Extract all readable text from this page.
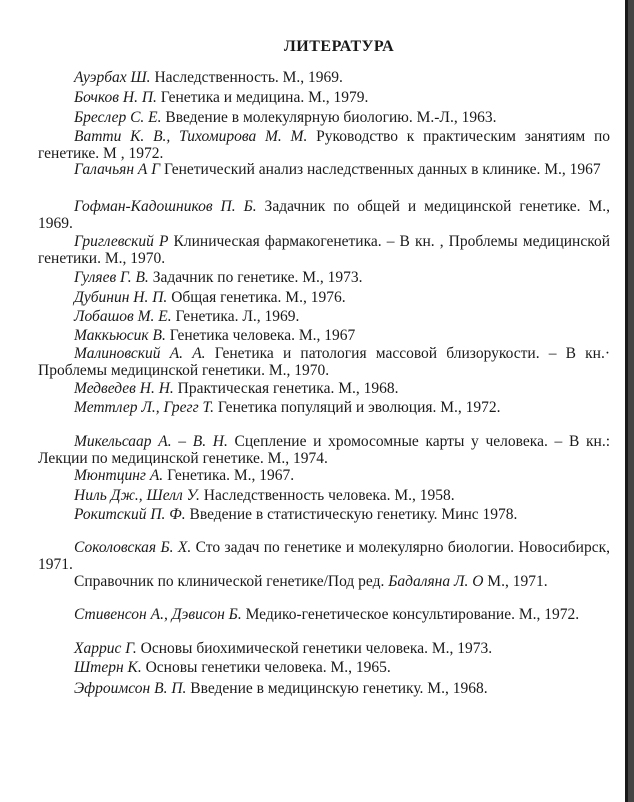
ЛИТЕРАТУРА
Ауэрбах Ш. Наследственность. М., 1969.
Бочков Н. П. Генетика и медицина. М., 1979.
Бреслер С. Е. Введение в молекулярную биологию. М.-Л., 1963.
Ватти К. В., Тихомирова М. М. Руководство к практическим занятиям по генетике. М , 1972.
Галачьян А Г Генетический анализ наследственных данных в клинике. М., 1967
Гофман-Кадошников П. Б. Задачник по общей и медицинской генетике. М., 1969.
Григлевский Р Клиническая фармакогенетика. – В кн. , Проблемы медицинской генетики. М., 1970.
Гуляев Г. В. Задачник по генетике. М., 1973.
Дубинин Н. П. Общая генетика. М., 1976.
Лобашов М. Е. Генетика. Л., 1969.
Маккьюсик В. Генетика человека. М., 1967
Малиновский А. А. Генетика и патология массовой близорукости. – В кн.· Проблемы медицинской генетики. М., 1970.
Медведев Н. Н. Практическая генетика. М., 1968.
Меттлер Л., Грегг Т. Генетика популяций и эволюция. М., 1972.
Микельсаар А. – В. Н. Сцепление и хромосомные карты у человека. – В кн.: Лекции по медицинской генетике. М., 1974.
Мюнтцинг А. Генетика. М., 1967.
Ниль Дж., Шелл У. Наследственность человека. М., 1958.
Рокитский П. Ф. Введение в статистическую генетику. Минс 1978.
Соколовская Б. Х. Сто задач по генетике и молекулярно биологии. Новосибирск, 1971.
Справочник по клинической генетике/Под ред. Бадаляна Л. О М., 1971.
Стивенсон А., Дэвисон Б. Медико-генетическое консультирование. М., 1972.
Харрис Г. Основы биохимической генетики человека. М., 1973.
Штерн К. Основы генетики человека. М., 1965.
Эфроимсон В. П. Введение в медицинскую генетику. М., 1968.
